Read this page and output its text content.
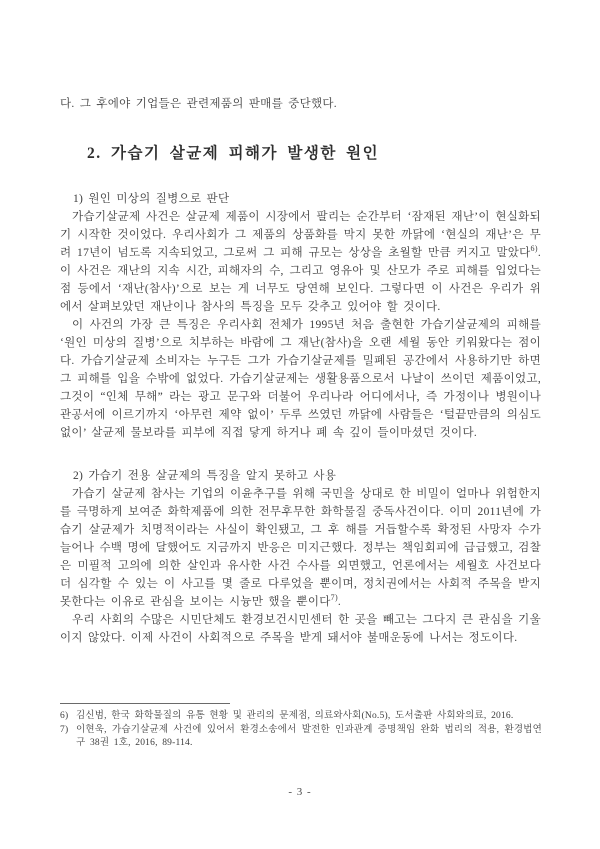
다. 그 후에야 기업들은 관련제품의 판매를 중단했다.
2. 가습기 살균제 피해가 발생한 원인

1) 원인 미상의 질병으로 판단

가습기살균제 사건은 살균제 제품이 시장에서 팔리는 순간부터 ‘잠재된 재난’이 현실화되기 시작한 것이었다. 우리사회가 그 제품의 상품화를 막지 못한 까닭에 ‘현실의 재난’은 무려 17년이 넘도록 지속되었고, 그로써 그 피해 규모는 상상을 초월할 만큼 커지고 말았다$^{6)}$. 이 사건은 재난의 지속 시간, 피해자의 수, 그리고 영유아 및 산모가 주로 피해를 입었다는 점 등에서 ‘재난(참사)’으로 보는 게 너무도 당연해 보인다. 그렇다면 이 사건은 우리가 위에서 살펴보았던 재난이나 참사의 특징을 모두 갖추고 있어야 할 것이다.

이 사건의 가장 큰 특징은 우리사회 전체가 1995년 처음 출현한 가습기살균제의 피해를 ‘원인 미상의 질병’으로 치부하는 바람에 그 재난(참사)을 오랜 세월 동안 키워왔다는 점이다. 가습기살균제 소비자는 누구든 그가 가습기살균제를 밀폐된 공간에서 사용하기만 하면 그 피해를 입을 수밖에 없었다. 가습기살균제는 생활용품으로서 나날이 쓰이던 제품이었고, 그것이 “인체 무해” 라는 광고 문구와 더불어 우리나라 어디에서나, 즉 가정이나 병원이나 관공서에 이르기까지 ‘아무런 제약 없이’ 두루 쓰였던 까닭에 사람들은 ‘털끝만큼의 의심도 없이’ 살균제 물보라를 피부에 직접 닿게 하거나 폐 속 깊이 들이마셨던 것이다.

2) 가습기 전용 살균제의 특징을 알지 못하고 사용

가습기 살균제 참사는 기업의 이윤추구를 위해 국민을 상대로 한 비밀이 얼마나 위험한지를 극명하게 보여준 화학제품에 의한 전무후무한 화학물질 중독사건이다. 이미 2011년에 가습기 살균제가 치명적이라는 사실이 확인됐고, 그 후 해를 거듭할수록 확정된 사망자 수가 늘어나 수백 명에 달했어도 지금까지 반응은 미지근했다. 정부는 책임회피에 급급했고, 검찰은 미필적 고의에 의한 살인과 유사한 사건 수사를 외면했고, 언론에서는 세월호 사건보다 더 심각할 수 있는 이 사고를 몇 줄로 다루었을 뿐이며, 정치권에서는 사회적 주목을 받지 못한다는 이유로 관심을 보이는 시늉만 했을 뿐이다$^{7)}$.

우리 사회의 수많은 시민단체도 환경보건시민센터 한 곳을 빼고는 그다지 큰 관심을 기울이지 않았다. 이제 사건이 사회적으로 주목을 받게 돼서야 불매운동에 나서는 정도이다.

6) 김신범, 한국 화학물질의 유통 현황 및 관리의 문제점, 의료와사회(No.5), 도서출판 사회와의료, 2016.

7) 이현욱, 가습기살균제 사건에 있어서 환경소송에서 발전한 인과관계 증명책임 완화 법리의 적용, 환경법연구 38권 1호, 2016, 89-114.

- 3 -
